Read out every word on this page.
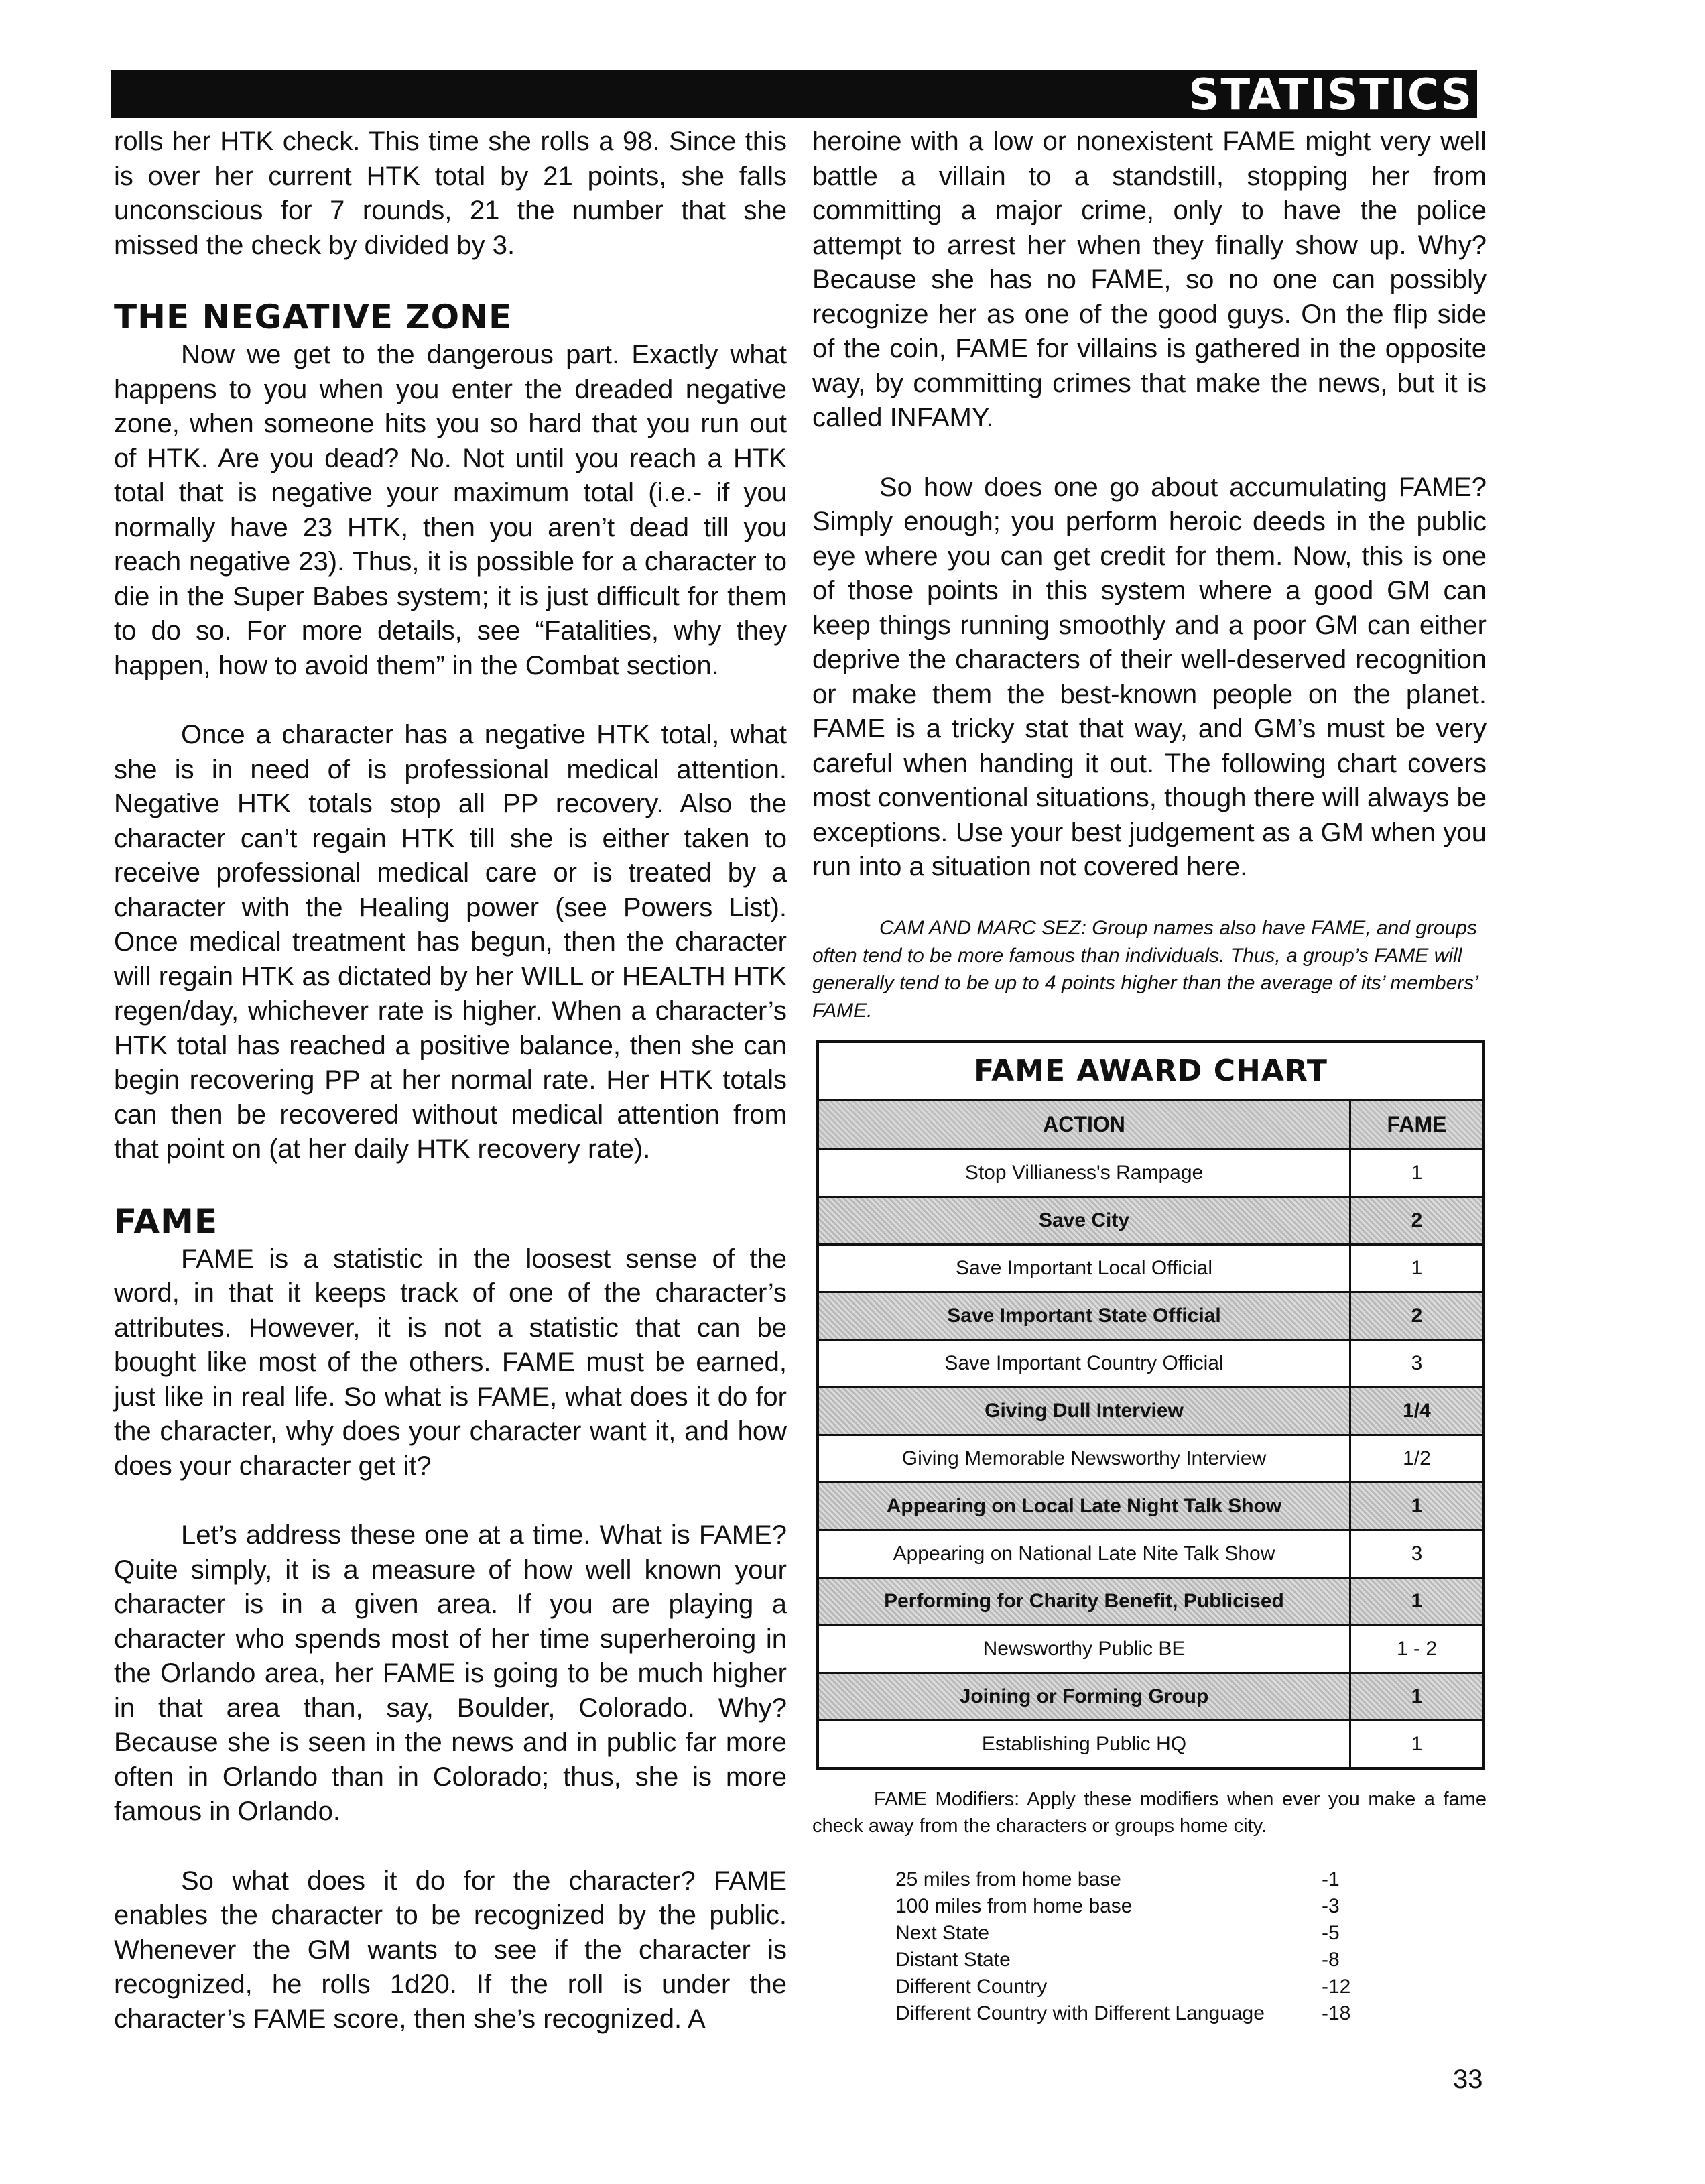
STATISTICS

rolls her HTK check. This time she rolls a 98. Since this is over her current HTK total by 21 points, she falls unconscious for 7 rounds, 21 the number that she missed the check by divided by 3.

THE NEGATIVE ZONE

Now we get to the dangerous part. Exactly what happens to you when you enter the dreaded negative zone, when someone hits you so hard that you run out of HTK. Are you dead? No. Not until you reach a HTK total that is negative your maximum total (i.e.- if you normally have 23 HTK, then you aren’t dead till you reach negative 23). Thus, it is possible for a character to die in the Super Babes system; it is just difficult for them to do so. For more details, see “Fatalities, why they happen, how to avoid them” in the Combat section.

Once a character has a negative HTK total, what she is in need of is professional medical attention. Negative HTK totals stop all PP recovery. Also the character can’t regain HTK till she is either taken to receive professional medical care or is treated by a character with the Healing power (see Powers List). Once medical treatment has begun, then the character will regain HTK as dictated by her WILL or HEALTH HTK regen/day, whichever rate is higher. When a character’s HTK total has reached a positive balance, then she can begin recovering PP at her normal rate. Her HTK totals can then be recovered without medical attention from that point on (at her daily HTK recovery rate).

FAME

FAME is a statistic in the loosest sense of the word, in that it keeps track of one of the character’s attributes. However, it is not a statistic that can be bought like most of the others. FAME must be earned, just like in real life. So what is FAME, what does it do for the character, why does your character want it, and how does your character get it?

Let’s address these one at a time. What is FAME? Quite simply, it is a measure of how well known your character is in a given area. If you are playing a character who spends most of her time superheroing in the Orlando area, her FAME is going to be much higher in that area than, say, Boulder, Colorado. Why? Because she is seen in the news and in public far more often in Orlando than in Colorado; thus, she is more famous in Orlando.

So what does it do for the character? FAME enables the character to be recognized by the public. Whenever the GM wants to see if the character is recognized, he rolls 1d20. If the roll is under the character’s FAME score, then she’s recognized. A

heroine with a low or nonexistent FAME might very well battle a villain to a standstill, stopping her from committing a major crime, only to have the police attempt to arrest her when they finally show up. Why? Because she has no FAME, so no one can possibly recognize her as one of the good guys. On the flip side of the coin, FAME for villains is gathered in the opposite way, by committing crimes that make the news, but it is called INFAMY.

So how does one go about accumulating FAME? Simply enough; you perform heroic deeds in the public eye where you can get credit for them. Now, this is one of those points in this system where a good GM can keep things running smoothly and a poor GM can either deprive the characters of their well-deserved recognition or make them the best-known people on the planet. FAME is a tricky stat that way, and GM’s must be very careful when handing it out. The following chart covers most conventional situations, though there will always be exceptions. Use your best judgement as a GM when you run into a situation not covered here.

CAM AND MARC SEZ: Group names also have FAME, and groups often tend to be more famous than individuals. Thus, a group’s FAME will generally tend to be up to 4 points higher than the average of its’ members’ FAME.

FAME AWARD CHART	
ACTION	FAME
Stop Villianess's Rampage	1
Save City	2
Save Important Local Official	1
Save Important State Official	2
Save Important Country Official	3
Giving Dull Interview	1/4
Giving Memorable Newsworthy Interview	1/2
Appearing on Local Late Night Talk Show	1
Appearing on National Late Nite Talk Show	3
Performing for Charity Benefit, Publicised	1
Newsworthy Public BE	1 - 2
Joining or Forming Group	1
Establishing Public HQ	1

FAME Modifiers: Apply these modifiers when ever you make a fame check away from the characters or groups home city.

25 miles from home base	-1
100 miles from home base	-3
Next State	-5
Distant State	-8
Different Country	-12
Different Country with Different Language	-18
33
